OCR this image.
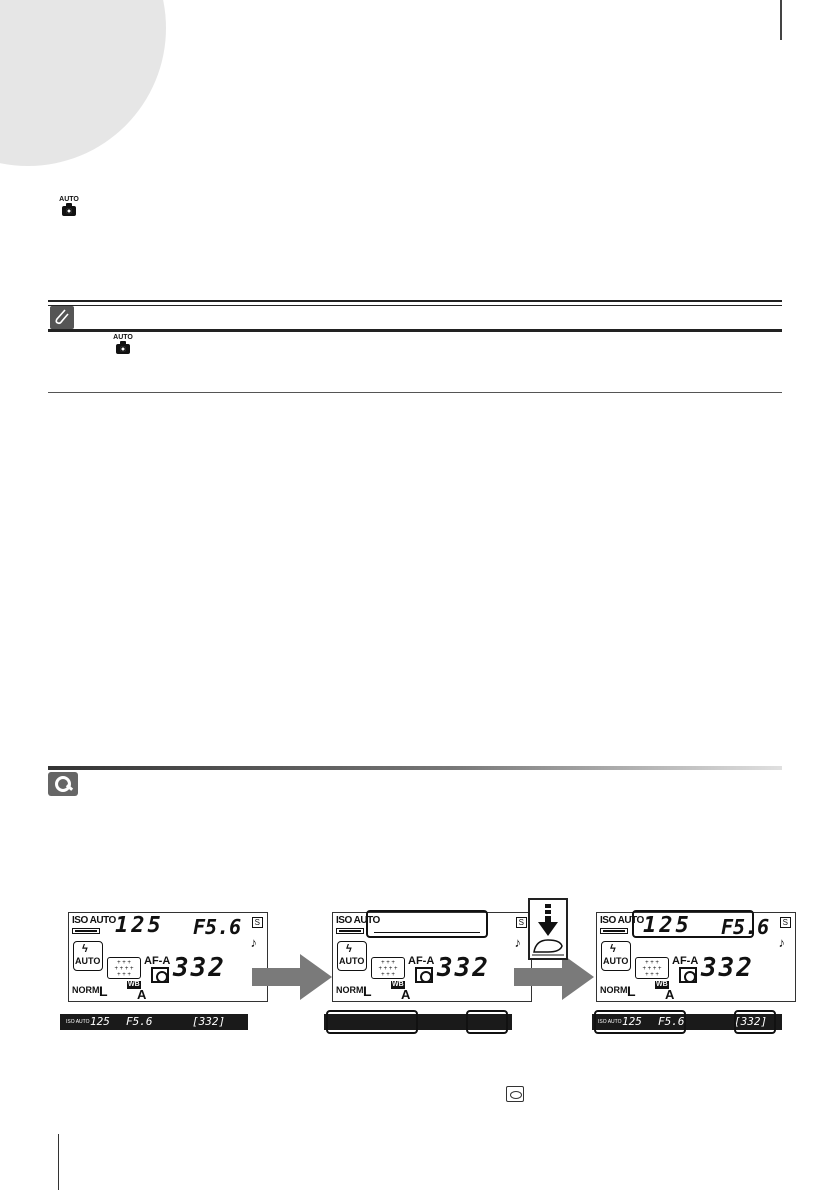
AUTO
AUTO
ISO AUTO 125 F5.6	S
♪
ϟ
AUTO	+ + +
+ + + +
+ + +
AF-A 332
NORM L	WB
A
ISO AUTO	S
♪
ϟ
AUTO	+ + +
+ + + +
+ + +
AF-A 332
NORM L	WB
A
ISO AUTO 125 F5.6	S
♪
ϟ
AUTO	+ + +
+ + + +
+ + +
AF-A 332
NORM L	WB
A
ISO AUTO 125 F5.6	[332]	ISO AUTO 125 F5.6	[332]
